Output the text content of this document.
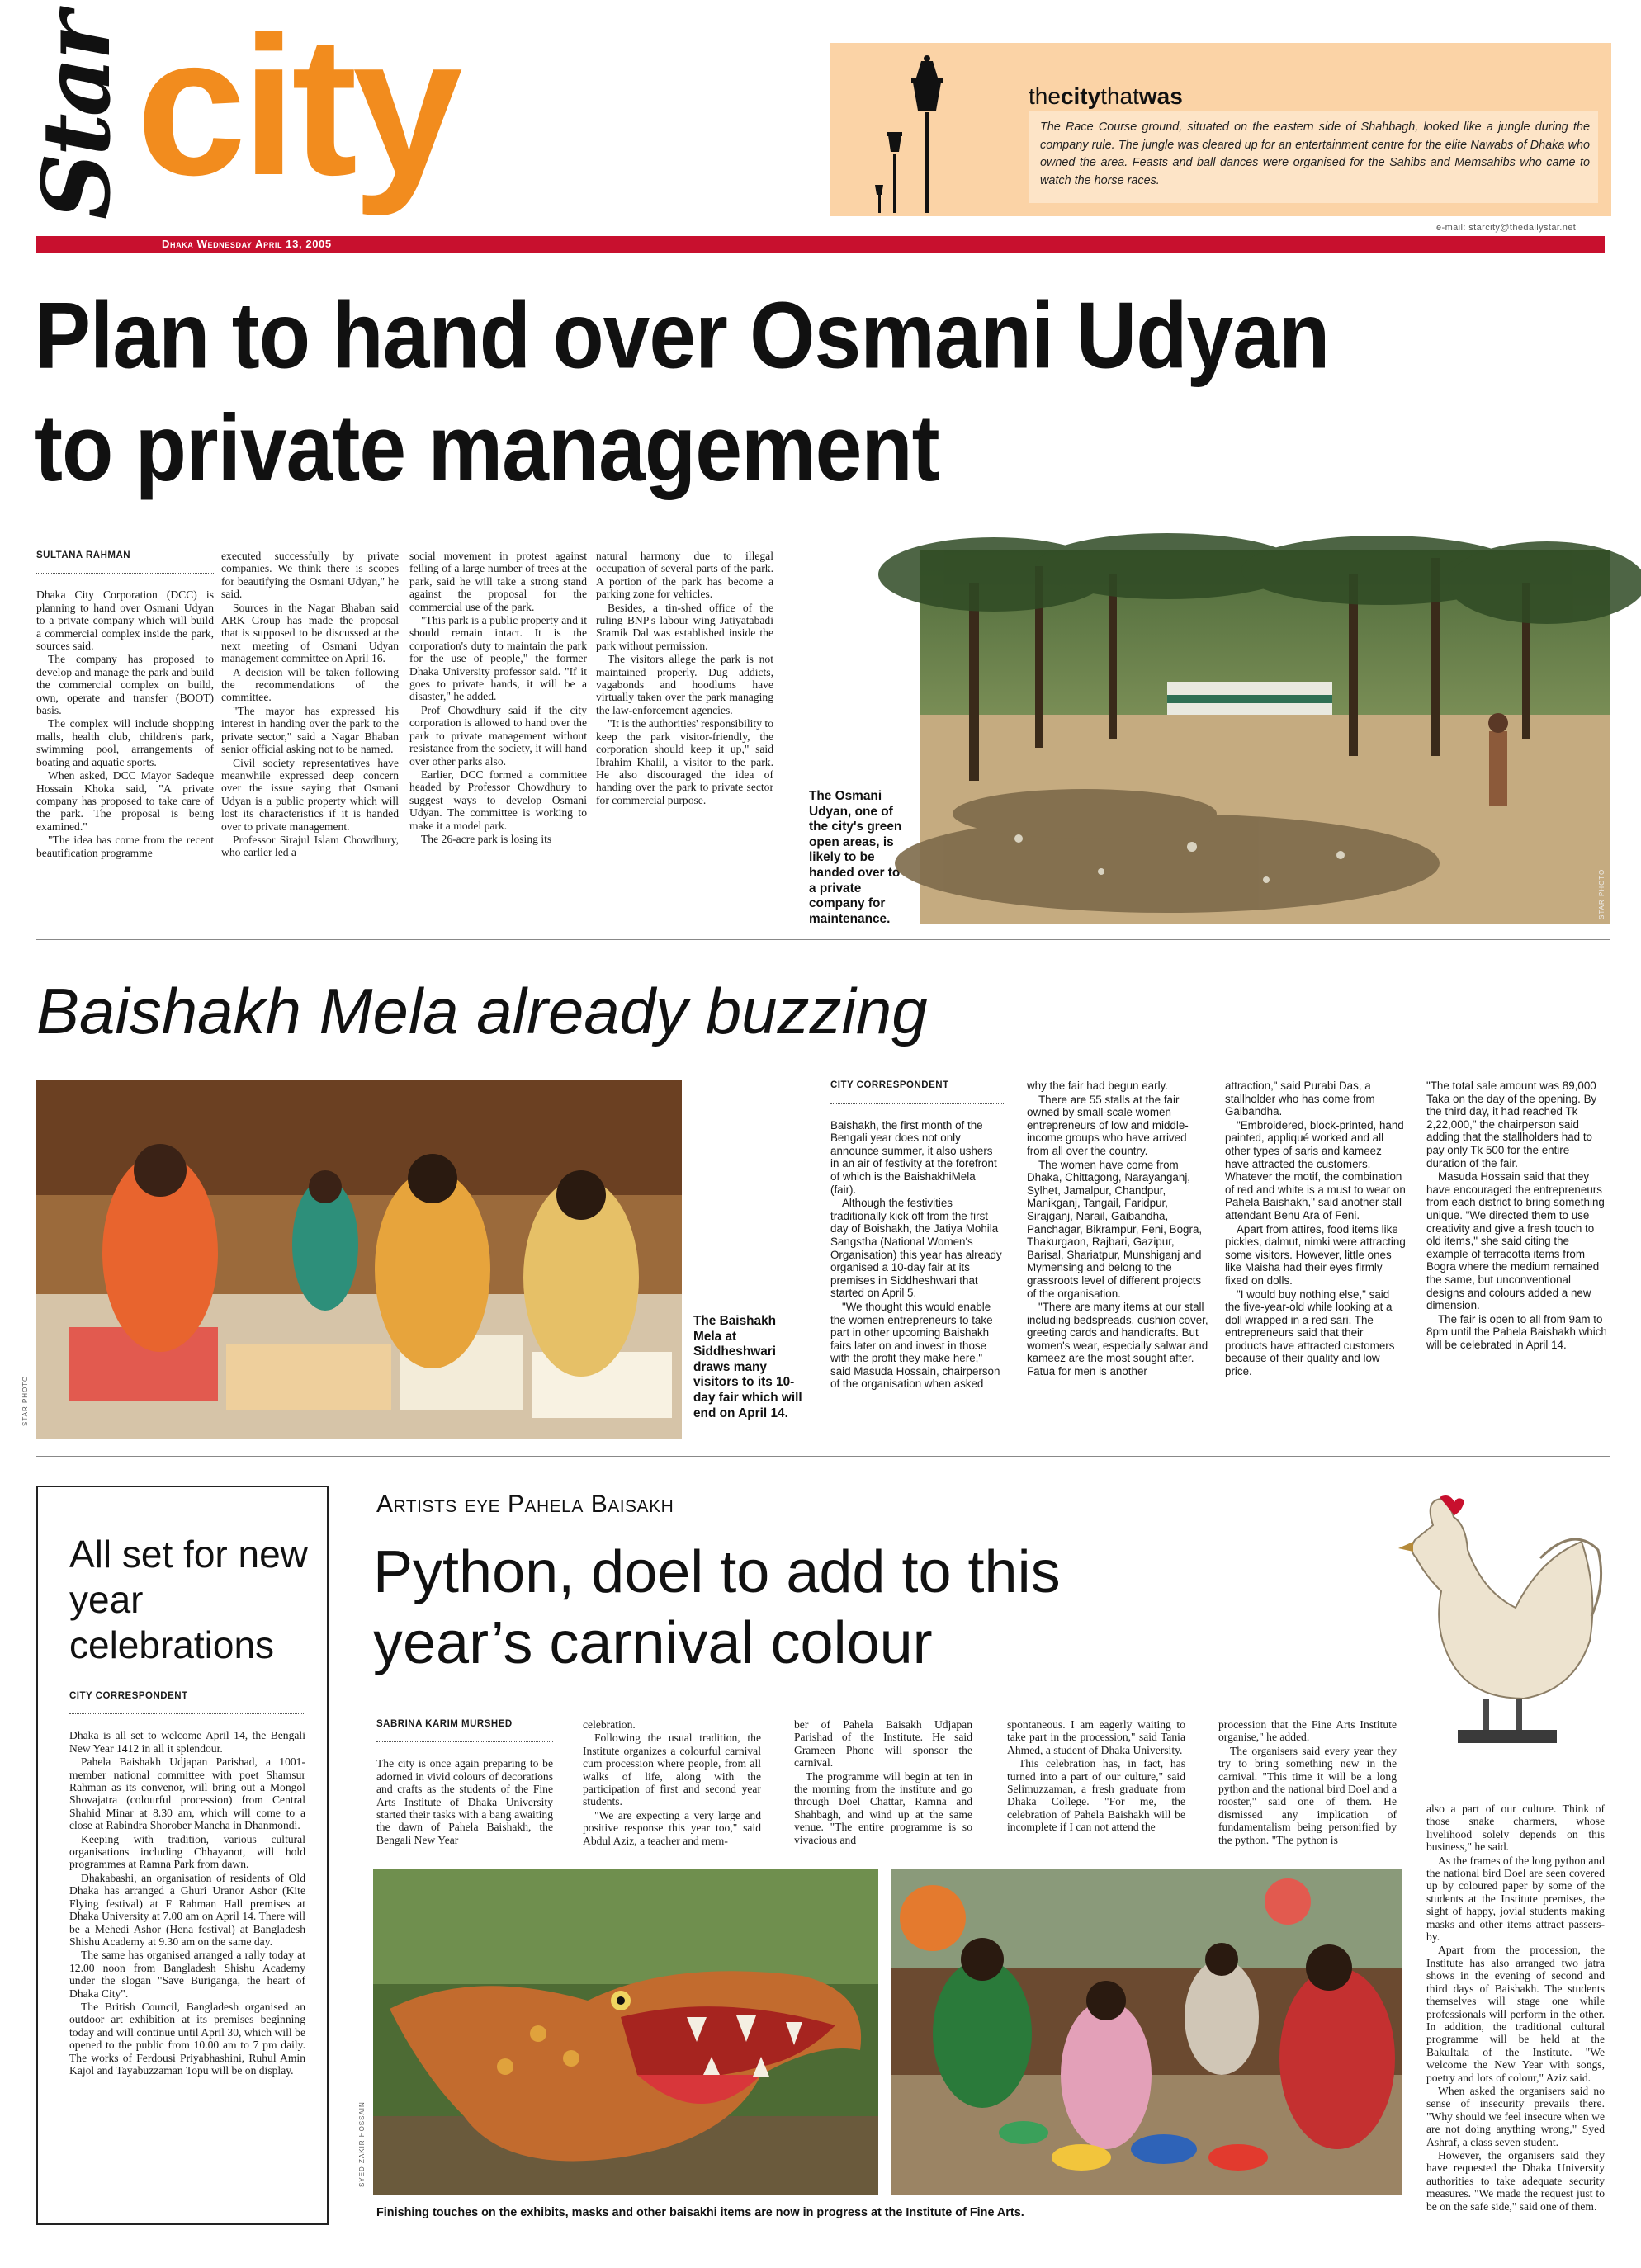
Star city
Dhaka Wednesday April 13, 2005
e-mail: starcity@thedailystar.net
thecitythatwas
The Race Course ground, situated on the eastern side of Shahbagh, looked like a jungle during the company rule. The jungle was cleared up for an entertainment centre for the elite Nawabs of Dhaka who owned the area. Feasts and ball dances were organised for the Sahibs and Memsahibs who came to watch the horse races.
Plan to hand over Osmani Udyan
to private management
SULTANA RAHMAN

Dhaka City Corporation (DCC) is planning to hand over Osmani Udyan to a private company which will build a commercial complex inside the park, sources said.

The company has proposed to develop and manage the park and build the commercial complex on build, own, operate and transfer (BOOT) basis.

The complex will include shopping malls, health club, children's park, swimming pool, arrangements of boating and aquatic sports.

When asked, DCC Mayor Sadeque Hossain Khoka said, "A private company has proposed to take care of the park. The proposal is being examined."

"The idea has come from the recent beautification programme

executed successfully by private companies. We think there is scopes for beautifying the Osmani Udyan," he said.

Sources in the Nagar Bhaban said ARK Group has made the proposal that is supposed to be discussed at the next meeting of Osmani Udyan management committee on April 16.

A decision will be taken following the recommendations of the committee.

"The mayor has expressed his interest in handing over the park to the private sector," said a Nagar Bhaban senior official asking not to be named.

Civil society representatives have meanwhile expressed deep concern over the issue saying that Osmani Udyan is a public property which will lost its characteristics if it is handed over to private management.

Professor Sirajul Islam Chowdhury, who earlier led a

social movement in protest against felling of a large number of trees at the park, said he will take a strong stand against the proposal for the commercial use of the park.

"This park is a public property and it should remain intact. It is the corporation's duty to maintain the park for the use of people," the former Dhaka University professor said. "If it goes to private hands, it will be a disaster," he added.

Prof Chowdhury said if the city corporation is allowed to hand over the park to private management without resistance from the society, it will hand over other parks also.

Earlier, DCC formed a committee headed by Professor Chowdhury to suggest ways to develop Osmani Udyan. The committee is working to make it a model park.

The 26-acre park is losing its

natural harmony due to illegal occupation of several parts of the park. A portion of the park has become a parking zone for vehicles.

Besides, a tin-shed office of the ruling BNP's labour wing Jatiyatabadi Sramik Dal was established inside the park without permission.

The visitors allege the park is not maintained properly. Dug addicts, vagabonds and hoodlums have virtually taken over the park managing the law-enforcement agencies.

"It is the authorities' responsibility to keep the park visitor-friendly, the corporation should keep it up," said Ibrahim Khalil, a visitor to the park. He also discouraged the idea of handing over the park to private sector for commercial purpose.	The Osmani Udyan, one of the city's green open areas, is likely to be handed over to a private company for maintenance.	STAR PHOTO
Baishakh Mela already buzzing
STAR PHOTO
The Baishakh Mela at Siddheshwari draws many visitors to its 10-day fair which will end on April 14.
CITY CORRESPONDENT

Baishakh, the first month of the Bengali year does not only announce summer, it also ushers in an air of festivity at the forefront of which is the BaishakhiMela (fair).

Although the festivities traditionally kick off from the first day of Boishakh, the Jatiya Mohila Sangstha (National Women's Organisation) this year has already organised a 10-day fair at its premises in Siddheshwari that started on April 5.

"We thought this would enable the women entrepreneurs to take part in other upcoming Baishakh fairs later on and invest in those with the profit they make here," said Masuda Hossain, chairperson of the organisation when asked

why the fair had begun early.

There are 55 stalls at the fair owned by small-scale women entrepreneurs of low and middle-income groups who have arrived from all over the country.

The women have come from Dhaka, Chittagong, Narayanganj, Sylhet, Jamalpur, Chandpur, Manikganj, Tangail, Faridpur, Sirajganj, Narail, Gaibandha, Panchagar, Bikrampur, Feni, Bogra, Thakurgaon, Rajbari, Gazipur, Barisal, Shariatpur, Munshiganj and Mymensing and belong to the grassroots level of different projects of the organisation.

"There are many items at our stall including bedspreads, cushion cover, greeting cards and handicrafts. But women's wear, especially salwar and kameez are the most sought after. Fatua for men is another

attraction," said Purabi Das, a stallholder who has come from Gaibandha.

"Embroidered, block-printed, hand painted, appliqué worked and all other types of saris and kameez have attracted the customers. Whatever the motif, the combination of red and white is a must to wear on Pahela Baishakh," said another stall attendant Benu Ara of Feni.

Apart from attires, food items like pickles, dalmut, nimki were attracting some visitors. However, little ones like Maisha had their eyes firmly fixed on dolls.

"I would buy nothing else," said the five-year-old while looking at a doll wrapped in a red sari. The entrepreneurs said that their products have attracted customers because of their quality and low price.

"The total sale amount was 89,000 Taka on the day of the opening. By the third day, it had reached Tk 2,22,000," the chairperson said adding that the stallholders had to pay only Tk 500 for the entire duration of the fair.

Masuda Hossain said that they have encouraged the entrepreneurs from each district to bring something unique. "We directed them to use creativity and give a fresh touch to old items," she said citing the example of terracotta items from Bogra where the medium remained the same, but unconventional designs and colours added a new dimension.

The fair is open to all from 9am to 8pm until the Pahela Baishakh which will be celebrated in April 14.

All set for new year celebrations
CITY CORRESPONDENT

Dhaka is all set to welcome April 14, the Bengali New Year 1412 in all it splendour.

Pahela Baishakh Udjapan Parishad, a 1001-member national committee with poet Shamsur Rahman as its convenor, will bring out a Mongol Shovajatra (colourful procession) from Central Shahid Minar at 8.30 am, which will come to a close at Rabindra Shorober Mancha in Dhanmondi.

Keeping with tradition, various cultural organisations including Chhayanot, will hold programmes at Ramna Park from dawn.

Dhakabashi, an organisation of residents of Old Dhaka has arranged a Ghuri Uranor Ashor (Kite Flying festival) at F Rahman Hall premises at Dhaka University at 7.00 am on April 14. There will be a Mehedi Ashor (Hena festival) at Bangladesh Shishu Academy at 9.30 am on the same day.

The same has organised arranged a rally today at 12.00 noon from Bangladesh Shishu Academy under the slogan "Save Buriganga, the heart of Dhaka City".

The British Council, Bangladesh organised an outdoor art exhibition at its premises beginning today and will continue until April 30, which will be opened to the public from 10.00 am to 7 pm daily. The works of Ferdousi Priyabhashini, Ruhul Amin Kajol and Tayabuzzaman Topu will be on display.

Artists eye Pahela Baisakh
Python, doel to add to this
year’s carnival colour
SABRINA KARIM MURSHED

The city is once again preparing to be adorned in vivid colours of decorations and crafts as the students of the Fine Arts Institute of Dhaka University started their tasks with a bang awaiting the dawn of Pahela Baishakh, the Bengali New Year

celebration.

Following the usual tradition, the Institute organizes a colourful carnival cum procession where people, from all walks of life, along with the participation of first and second year students.

"We are expecting a very large and positive response this year too," said Abdul Aziz, a teacher and mem-

ber of Pahela Baisakh Udjapan Parishad of the Institute. He said Grameen Phone will sponsor the carnival.

The programme will begin at ten in the morning from the institute and go through Doel Chattar, Ramna and Shahbagh, and wind up at the same venue. "The entire programme is so vivacious and

spontaneous. I am eagerly waiting to take part in the procession," said Tania Ahmed, a student of Dhaka University.

This celebration has, in fact, has turned into a part of our culture," said Selimuzzaman, a fresh graduate from Dhaka College. "For me, the celebration of Pahela Baishakh will be incomplete if I can not attend the

procession that the Fine Arts Institute organise," he added.

The organisers said every year they try to bring something new in the carnival. "This time it will be a long python and the national bird Doel and a rooster," said one of them. He dismissed any implication of fundamentalism being personified by the python. "The python is

also a part of our culture. Think of those snake charmers, whose livelihood solely depends on this business," he said.

As the frames of the long python and the national bird Doel are seen covered up by coloured paper by some of the students at the Institute premises, the sight of happy, jovial students making masks and other items attract passers-by.

Apart from the procession, the Institute has also arranged two jatra shows in the evening of second and third days of Baishakh. The students themselves will stage one while professionals will perform in the other. In addition, the traditional cultural programme will be held at the Bakultala of the Institute. "We welcome the New Year with songs, poetry and lots of colour," Aziz said.

When asked the organisers said no sense of insecurity prevails there. "Why should we feel insecure when we are not doing anything wrong," Syed Ashraf, a class seven student.

However, the organisers said they have requested the Dhaka University authorities to take adequate security measures. "We made the request just to be on the safe side," said one of them.

SYED ZAKIR HOSSAIN
Finishing touches on the exhibits, masks and other baisakhi items are now in progress at the Institute of Fine Arts.
